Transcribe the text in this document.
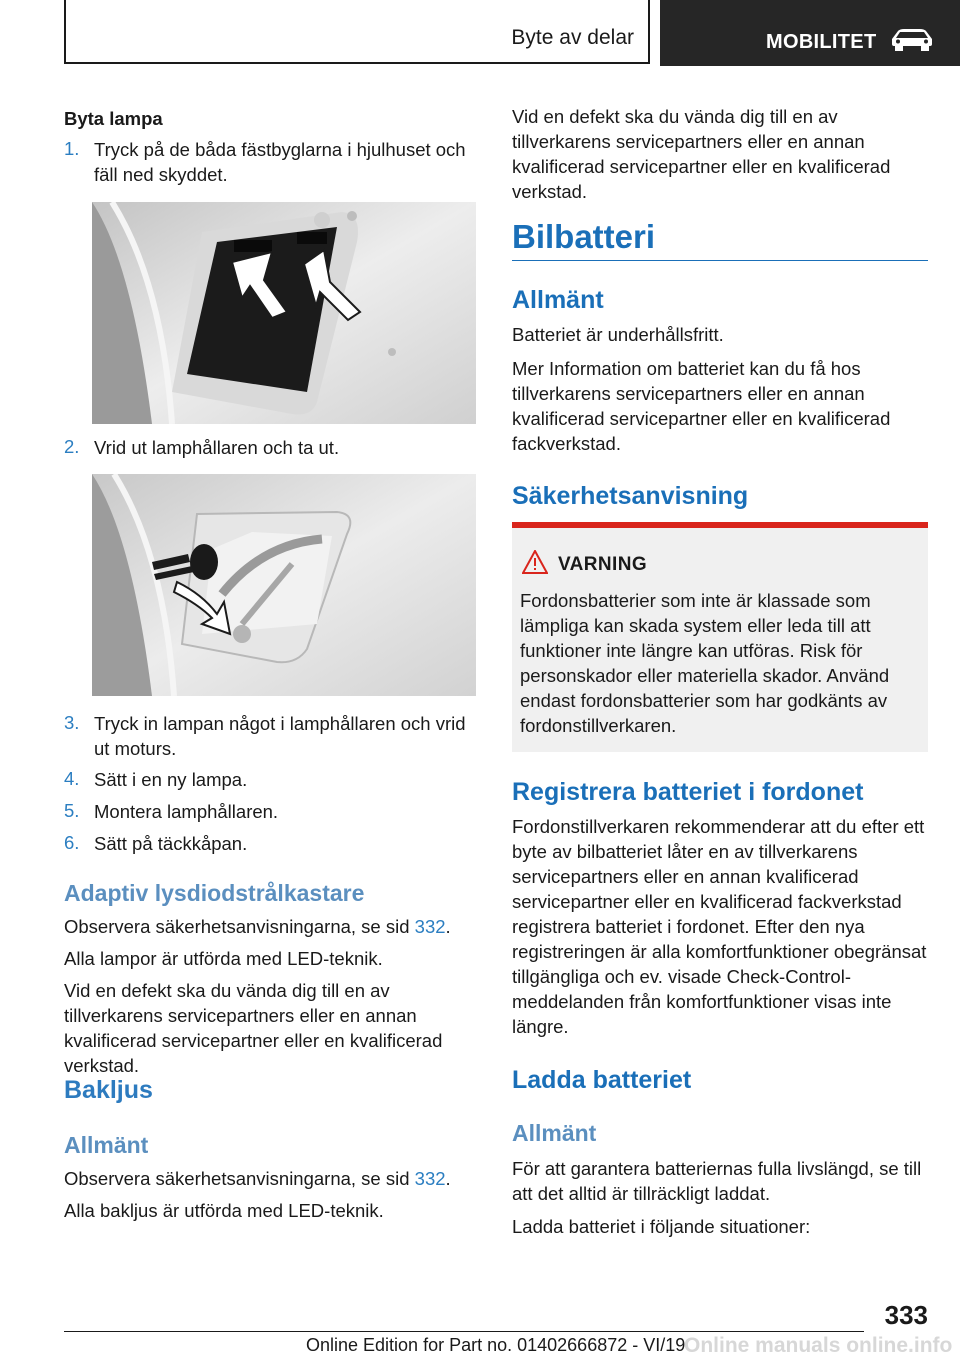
Byte av delar	MOBILITET
Byta lampa
1. Tryck på de båda fästbyglarna i hjulhuset och fäll ned skyddet.
2. Vrid ut lamphållaren och ta ut.
3. Tryck in lampan något i lamphållaren och vrid ut moturs.
4. Sätt i en ny lampa.
5. Montera lamphållaren.
6. Sätt på täckkåpan.
Adaptiv lysdiodstrålkastare
Observera säkerhetsanvisningarna, se sid 332.
Alla lampor är utförda med LED-teknik.
Vid en defekt ska du vända dig till en av tillverkarens servicepartners eller en annan kvalificerad servicepartner eller en kvalificerad verkstad.
Bakljus
Allmänt
Observera säkerhetsanvisningarna, se sid 332.
Alla bakljus är utförda med LED-teknik.
Vid en defekt ska du vända dig till en av tillverkarens servicepartners eller en annan kvalificerad servicepartner eller en kvalificerad verkstad.
Bilbatteri
Allmänt
Batteriet är underhållsfritt.
Mer Information om batteriet kan du få hos tillverkarens servicepartners eller en annan kvalificerad servicepartner eller en kvalificerad fackverkstad.
Säkerhetsanvisning
VARNING
Fordonsbatterier som inte är klassade som lämpliga kan skada system eller leda till att funktioner inte längre kan utföras. Risk för personskador eller materiella skador. Använd endast fordonsbatterier som har godkänts av fordonstillverkaren.
Registrera batteriet i fordonet
Fordonstillverkaren rekommenderar att du efter ett byte av bilbatteriet låter en av tillverkarens servicepartners eller en annan kvalificerad servicepartner eller en kvalificerad fackverkstad registrera batteriet i fordonet. Efter den nya registreringen är alla komfortfunktioner obegränsat tillgängliga och ev. visade Check-Control-meddelanden från komfortfunktioner visas inte längre.
Ladda batteriet
Allmänt
För att garantera batteriernas fulla livslängd, se till att det alltid är tillräckligt laddat.
Ladda batteriet i följande situationer:
333
Online Edition for Part no. 01402666872 - VI/19
Online manuals online.info
